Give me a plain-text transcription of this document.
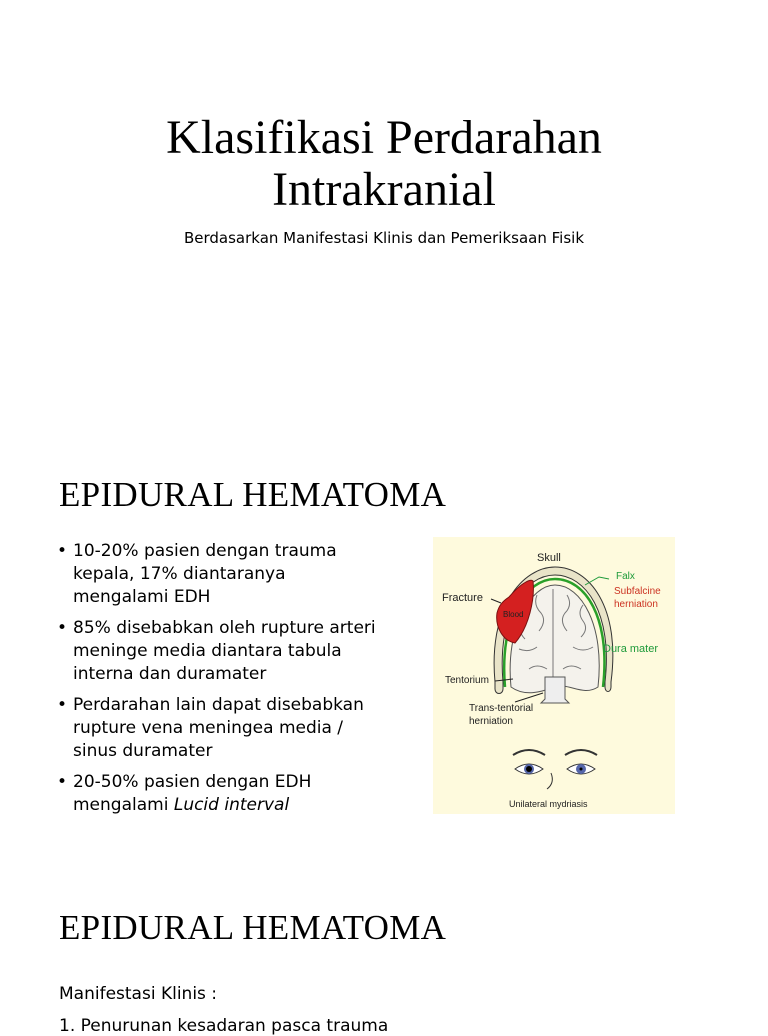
Klasifikasi Perdarahan
Intrakranial
Berdasarkan Manifestasi Klinis dan Pemeriksaan Fisik
EPIDURAL HEMATOMA
• 10-20% pasien dengan trauma kepala, 17% diantaranya mengalami EDH
• 85% disebabkan oleh rupture arteri meninge media diantara tabula interna dan duramater
• Perdarahan lain dapat disebabkan rupture vena meningea media / sinus duramater
• 20-50% pasien dengan EDH mengalami Lucid interval
Blood
Skull
Fracture
Falx
Subfalcine
herniation
Dura mater
Tentorium
Trans-tentorial
herniation
Unilateral mydriasis
EPIDURAL HEMATOMA
Manifestasi Klinis :
1. Penurunan kesadaran pasca trauma
